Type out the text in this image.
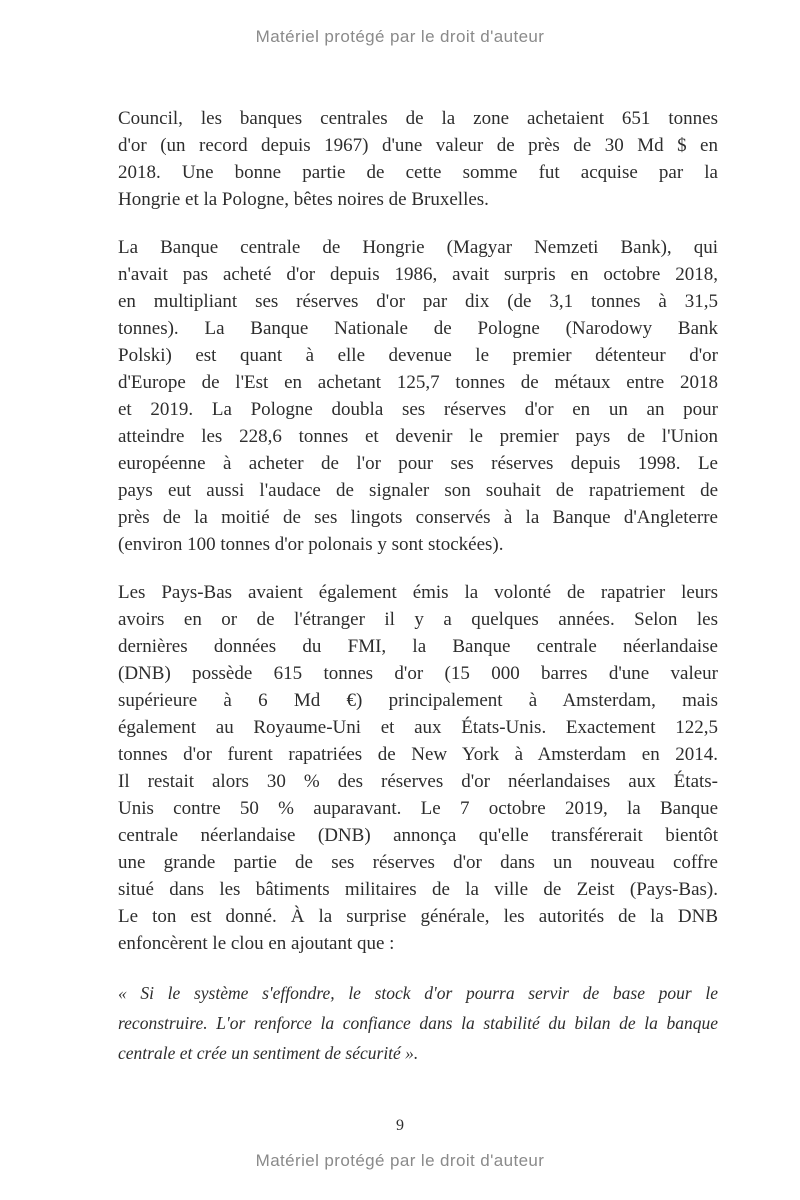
Matériel protégé par le droit d'auteur
Council, les banques centrales de la zone achetaient 651 tonnes
d'or (un record depuis 1967) d'une valeur de près de 30 Md $ en
2018. Une bonne partie de cette somme fut acquise par la
Hongrie et la Pologne, bêtes noires de Bruxelles.
La Banque centrale de Hongrie (Magyar Nemzeti Bank), qui
n'avait pas acheté d'or depuis 1986, avait surpris en octobre 2018,
en multipliant ses réserves d'or par dix (de 3,1 tonnes à 31,5
tonnes). La Banque Nationale de Pologne (Narodowy Bank
Polski) est quant à elle devenue le premier détenteur d'or
d'Europe de l'Est en achetant 125,7 tonnes de métaux entre 2018
et 2019. La Pologne doubla ses réserves d'or en un an pour
atteindre les 228,6 tonnes et devenir le premier pays de l'Union
européenne à acheter de l'or pour ses réserves depuis 1998. Le
pays eut aussi l'audace de signaler son souhait de rapatriement de
près de la moitié de ses lingots conservés à la Banque d'Angleterre
(environ 100 tonnes d'or polonais y sont stockées).
Les Pays-Bas avaient également émis la volonté de rapatrier leurs
avoirs en or de l'étranger il y a quelques années. Selon les
dernières données du FMI, la Banque centrale néerlandaise
(DNB) possède 615 tonnes d'or (15 000 barres d'une valeur
supérieure à 6 Md €) principalement à Amsterdam, mais
également au Royaume-Uni et aux États-Unis. Exactement 122,5
tonnes d'or furent rapatriées de New York à Amsterdam en 2014.
Il restait alors 30 % des réserves d'or néerlandaises aux États-
Unis contre 50 % auparavant. Le 7 octobre 2019, la Banque
centrale néerlandaise (DNB) annonça qu'elle transférerait bientôt
une grande partie de ses réserves d'or dans un nouveau coffre
situé dans les bâtiments militaires de la ville de Zeist (Pays-Bas).
Le ton est donné. À la surprise générale, les autorités de la DNB
enfoncèrent le clou en ajoutant que :
« Si le système s'effondre, le stock d'or pourra servir de base pour le
reconstruire. L'or renforce la confiance dans la stabilité du bilan de la banque
centrale et crée un sentiment de sécurité ».
9
Matériel protégé par le droit d'auteur
